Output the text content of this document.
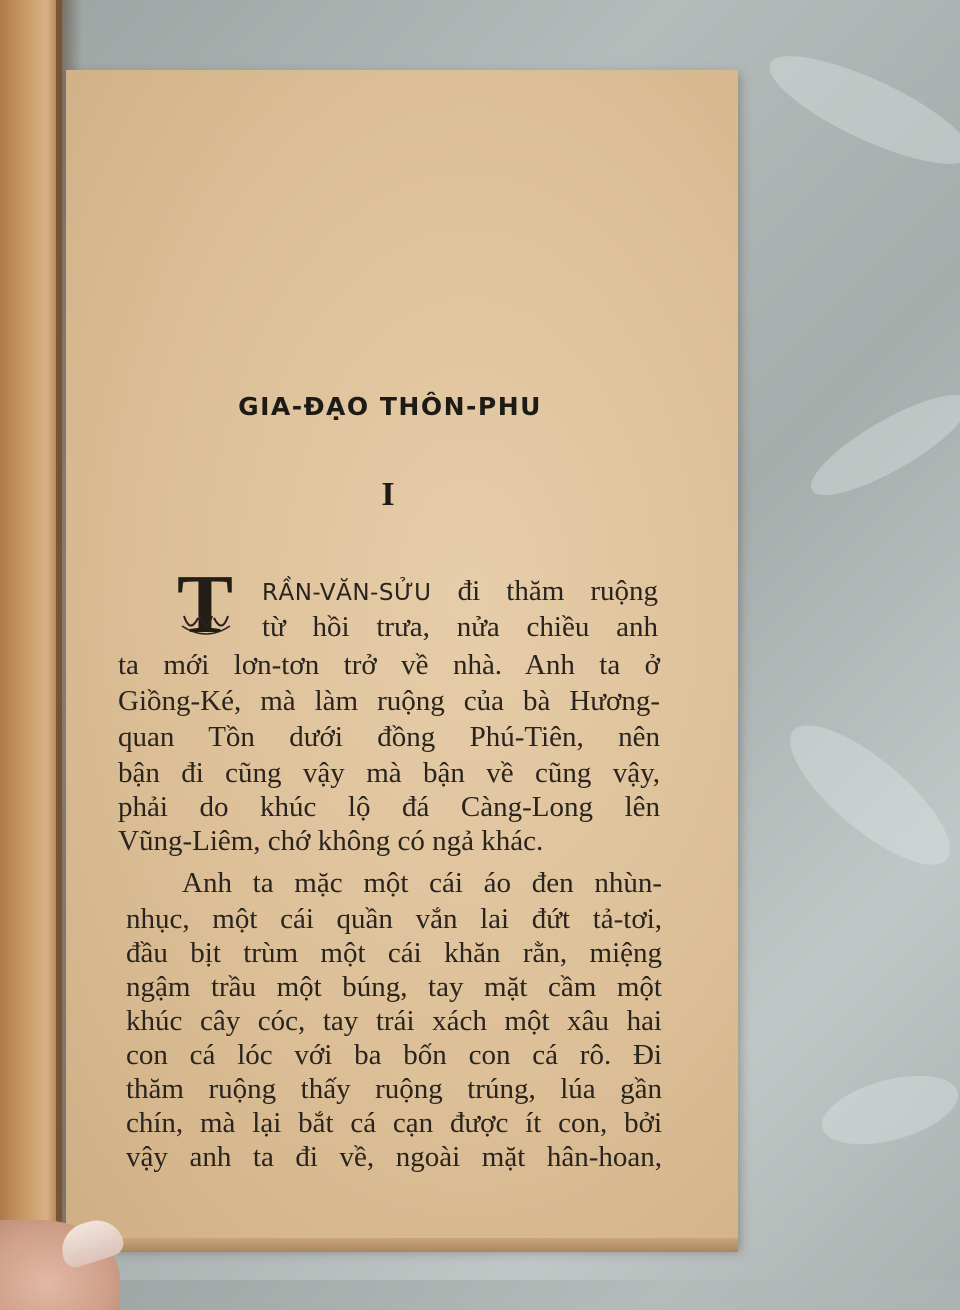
GIA-ĐẠO THÔN-PHU
I
T RẦN-VĂN-SỬU đi thăm ruộng
từ hồi trưa, nửa chiều anh
ta mới lơn-tơn trở về nhà. Anh ta ở
Giồng-Ké, mà làm ruộng của bà Hương-
quan Tồn dưới đồng Phú-Tiên, nên
bận đi cũng vậy mà bận về cũng vậy,
phải do khúc lộ đá Càng-Long lên
Vũng-Liêm, chớ không có ngả khác.
Anh ta mặc một cái áo đen nhùn-
nhục, một cái quần vắn lai đứt tả-tơi,
đầu bịt trùm một cái khăn rằn, miệng
ngậm trầu một búng, tay mặt cầm một
khúc cây cóc, tay trái xách một xâu hai
con cá lóc với ba bốn con cá rô. Đi
thăm ruộng thấy ruộng trúng, lúa gần
chín, mà lại bắt cá cạn được ít con, bởi
vậy anh ta đi về, ngoài mặt hân-hoan,
